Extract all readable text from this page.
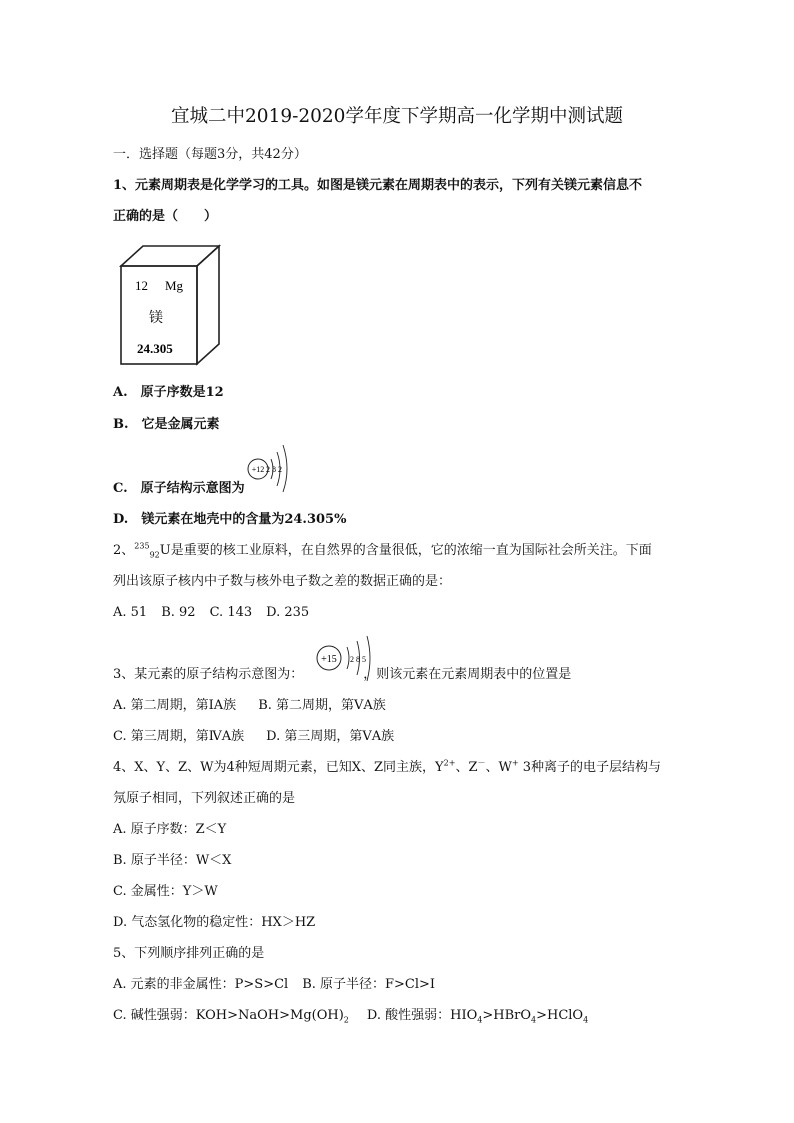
宜城二中2019-2020学年度下学期高一化学期中测试题
一．选择题（每题3分，共42分）
1、元素周期表是化学学习的工具。如图是镁元素在周期表中的表示，下列有关镁元素信息不
正确的是（　　）
12 Mg
镁
24.305
A.　原子序数是12
B.　它是金属元素
C.　原子结构示意图为
+12 2 8 2
D.　镁元素在地壳中的含量为24.305%
2、$^{235}_{92}$U是重要的核工业原料，在自然界的含量很低，它的浓缩一直为国际社会所关注。下面
列出该原子核内中子数与核外电子数之差的数据正确的是：
A. 51 B. 92 C. 143 D. 235
3、某元素的原子结构示意图为：	，则该元素在元素周期表中的位置是
+15 2 8 5
A. 第二周期，第ⅠA族 B. 第二周期，第ⅤA族
C. 第三周期，第ⅣA族 D. 第三周期，第ⅤA族
4、X、Y、Z、W为4种短周期元素，已知X、Z同主族，$Y^{2+}$、Z－、W+ 3种离子的电子层结构与
氖原子相同，下列叙述正确的是
A. 原子序数：Z＜Y
B. 原子半径：W＜X
C. 金属性：Y＞W
D. 气态氢化物的稳定性：HX＞HZ
5、下列顺序排列正确的是
A. 元素的非金属性：P>S>Cl B. 原子半径：F>Cl>I
C. 碱性强弱：$KOH>NaOH>Mg(OH)_2$ D. 酸性强弱：$HIO_4>HBrO_4>HClO_4$
